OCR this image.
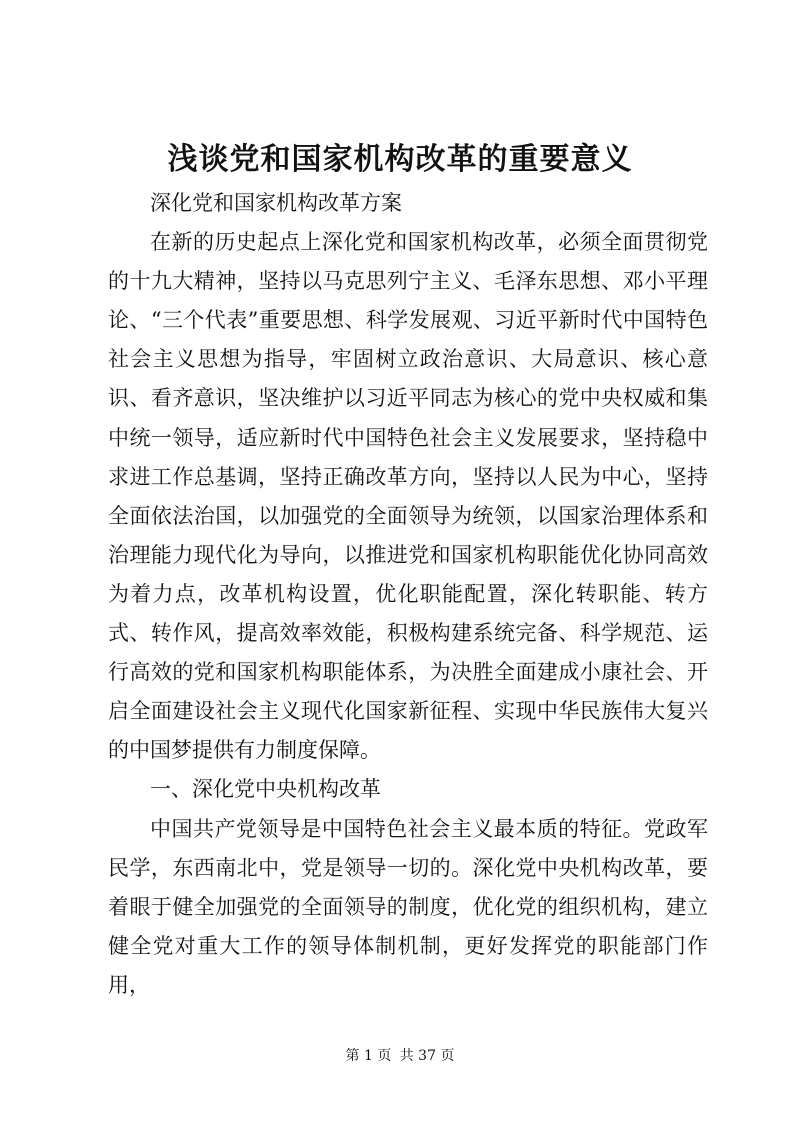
浅谈党和国家机构改革的重要意义

深化党和国家机构改革方案

在新的历史起点上深化党和国家机构改革，必须全面贯彻党的十九大精神，坚持以马克思列宁主义、毛泽东思想、邓小平理论、“三个代表”重要思想、科学发展观、习近平新时代中国特色社会主义思想为指导，牢固树立政治意识、大局意识、核心意识、看齐意识，坚决维护以习近平同志为核心的党中央权威和集中统一领导，适应新时代中国特色社会主义发展要求，坚持稳中求进工作总基调，坚持正确改革方向，坚持以人民为中心，坚持全面依法治国，以加强党的全面领导为统领，以国家治理体系和治理能力现代化为导向，以推进党和国家机构职能优化协同高效为着力点，改革机构设置，优化职能配置，深化转职能、转方式、转作风，提高效率效能，积极构建系统完备、科学规范、运行高效的党和国家机构职能体系，为决胜全面建成小康社会、开启全面建设社会主义现代化国家新征程、实现中华民族伟大复兴的中国梦提供有力制度保障。

一、深化党中央机构改革

中国共产党领导是中国特色社会主义最本质的特征。党政军民学，东西南北中，党是领导一切的。深化党中央机构改革，要着眼于健全加强党的全面领导的制度，优化党的组织机构，建立健全党对重大工作的领导体制机制，更好发挥党的职能部门作用，

第 1 页 共 37 页
